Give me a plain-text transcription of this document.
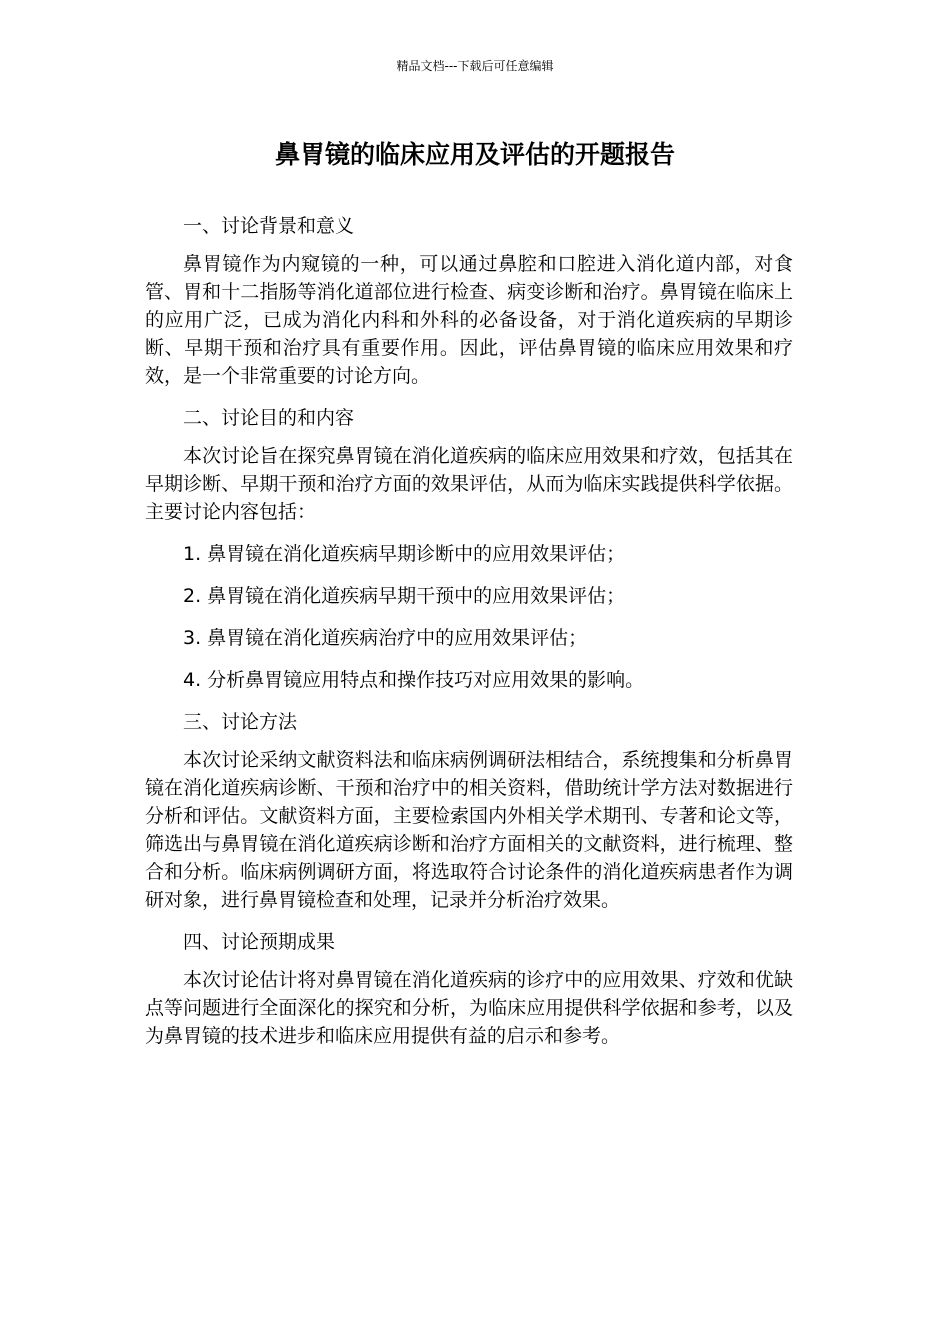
精品文档---下载后可任意编辑
鼻胃镜的临床应用及评估的开题报告

一、讨论背景和意义

鼻胃镜作为内窥镜的一种，可以通过鼻腔和口腔进入消化道内部，对食管、胃和十二指肠等消化道部位进行检查、病变诊断和治疗。鼻胃镜在临床上的应用广泛，已成为消化内科和外科的必备设备，对于消化道疾病的早期诊断、早期干预和治疗具有重要作用。因此，评估鼻胃镜的临床应用效果和疗效，是一个非常重要的讨论方向。

二、讨论目的和内容

本次讨论旨在探究鼻胃镜在消化道疾病的临床应用效果和疗效，包括其在早期诊断、早期干预和治疗方面的效果评估，从而为临床实践提供科学依据。主要讨论内容包括：

1. 鼻胃镜在消化道疾病早期诊断中的应用效果评估；

2. 鼻胃镜在消化道疾病早期干预中的应用效果评估；

3. 鼻胃镜在消化道疾病治疗中的应用效果评估；

4. 分析鼻胃镜应用特点和操作技巧对应用效果的影响。

三、讨论方法

本次讨论采纳文献资料法和临床病例调研法相结合，系统搜集和分析鼻胃镜在消化道疾病诊断、干预和治疗中的相关资料，借助统计学方法对数据进行分析和评估。文献资料方面，主要检索国内外相关学术期刊、专著和论文等，筛选出与鼻胃镜在消化道疾病诊断和治疗方面相关的文献资料，进行梳理、整合和分析。临床病例调研方面，将选取符合讨论条件的消化道疾病患者作为调研对象，进行鼻胃镜检查和处理，记录并分析治疗效果。

四、讨论预期成果

本次讨论估计将对鼻胃镜在消化道疾病的诊疗中的应用效果、疗效和优缺点等问题进行全面深化的探究和分析，为临床应用提供科学依据和参考，以及为鼻胃镜的技术进步和临床应用提供有益的启示和参考。
